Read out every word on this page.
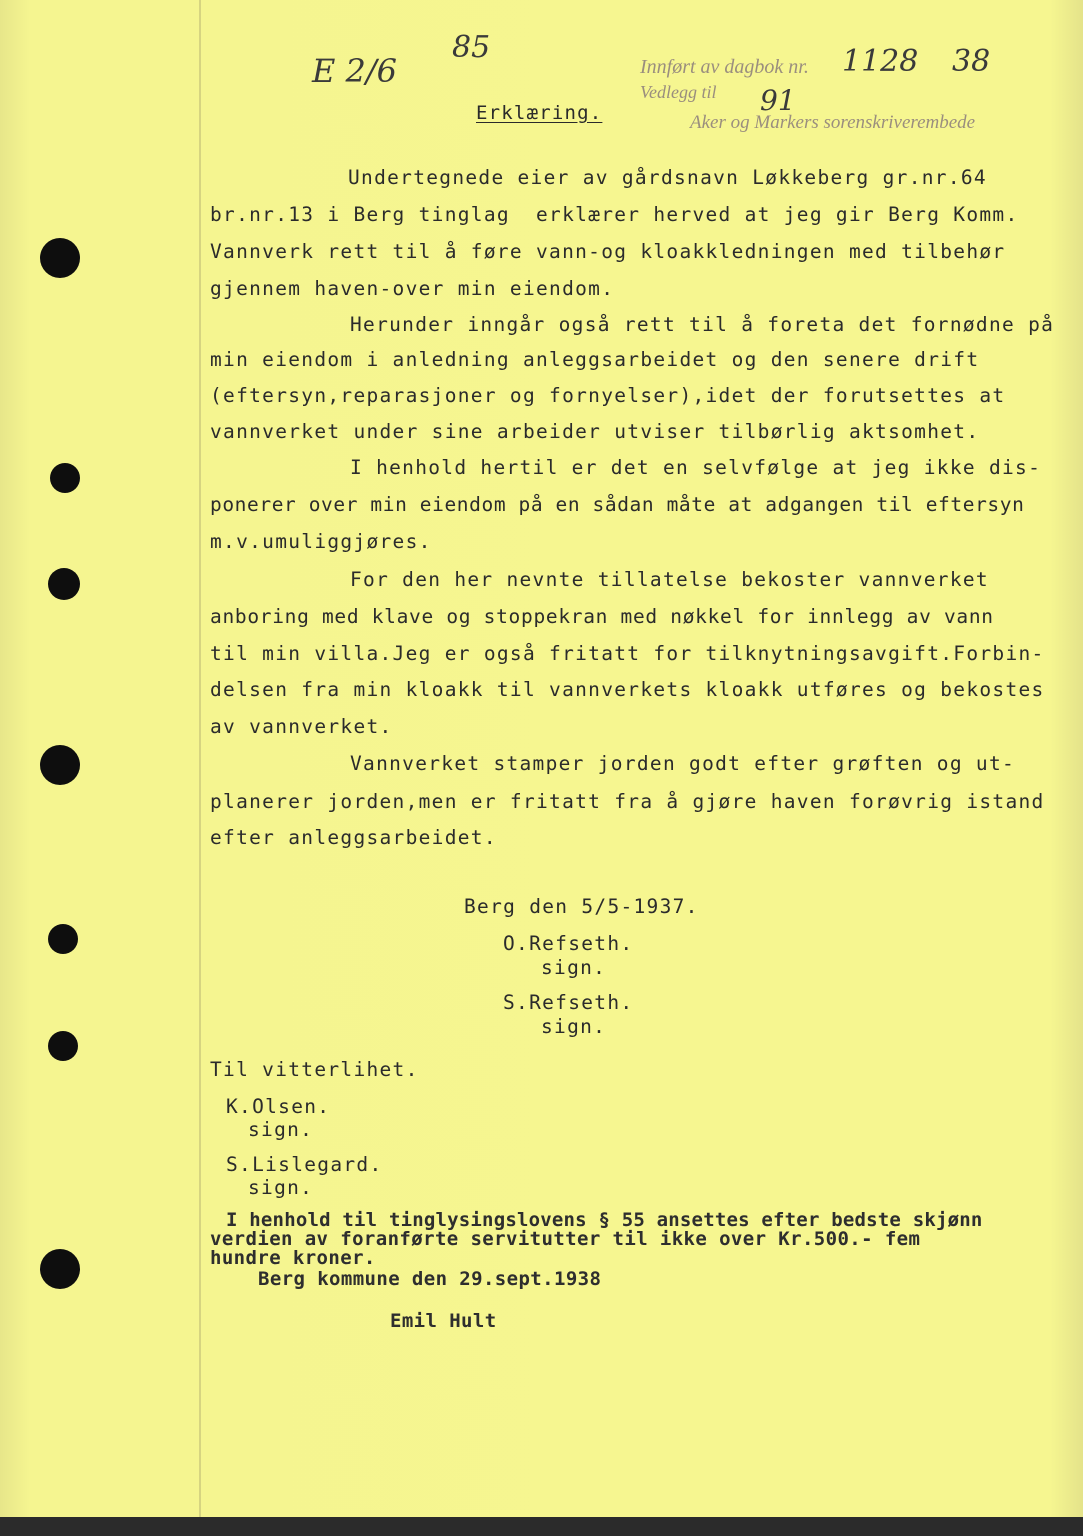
85
E 2/6	Innført av dagbok nr.
Vedlegg til
Aker og Markers sorenskriverembede
1128 38
91
Erklæring.
Undertegnede eier av gårdsnavn Løkkeberg gr.nr.64
br.nr.13 i Berg tinglag  erklærer herved at jeg gir Berg Komm.
Vannverk rett til å føre vann-og kloakkledningen med tilbehør
gjennem haven-over min eiendom.
Herunder inngår også rett til å foreta det fornødne på
min eiendom i anledning anleggsarbeidet og den senere drift
(eftersyn,reparasjoner og fornyelser),idet der forutsettes at
vannverket under sine arbeider utviser tilbørlig aktsomhet.
I henhold hertil er det en selvfølge at jeg ikke dis-
ponerer over min eiendom på en sådan måte at adgangen til eftersyn
m.v.umuliggjøres.
For den her nevnte tillatelse bekoster vannverket
anboring med klave og stoppekran med nøkkel for innlegg av vann
til min villa.Jeg er også fritatt for tilknytningsavgift.Forbin-
delsen fra min kloakk til vannverkets kloakk utføres og bekostes
av vannverket.
Vannverket stamper jorden godt efter grøften og ut-
planerer jorden,men er fritatt fra å gjøre haven forøvrig istand
efter anleggsarbeidet.
Berg den 5/5-1937.
O.Refseth.
sign.
S.Refseth.
sign.
Til vitterlihet.
K.Olsen.
sign.
S.Lislegard.
sign.
I henhold til tinglysingslovens § 55 ansettes efter bedste skjønn
verdien av foranførte servitutter til ikke over Kr.500.- fem
hundre kroner.
Berg kommune den 29.sept.1938
Emil Hult
